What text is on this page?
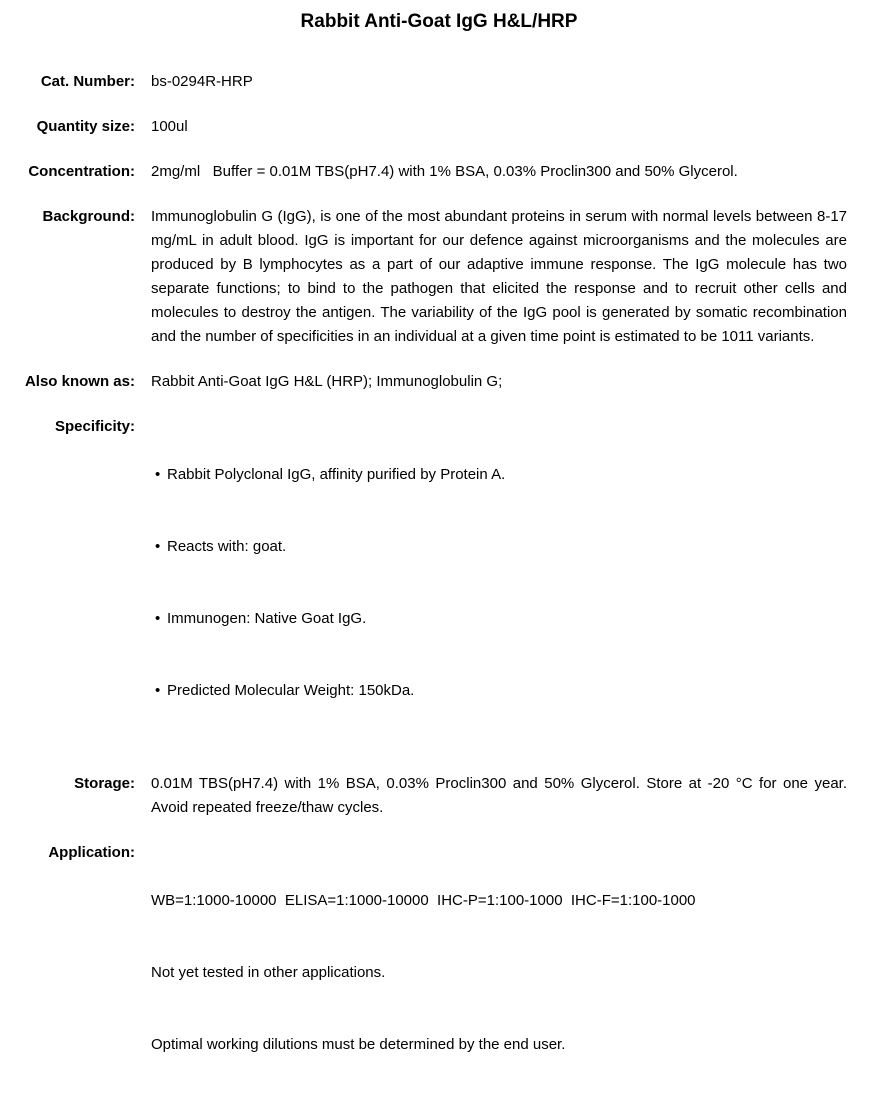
Rabbit Anti-Goat IgG H&L/HRP
Cat. Number: bs-0294R-HRP
Quantity size: 100ul
Concentration: 2mg/ml   Buffer = 0.01M TBS(pH7.4) with 1% BSA, 0.03% Proclin300 and 50% Glycerol.
Background: Immunoglobulin G (IgG), is one of the most abundant proteins in serum with normal levels between 8-17 mg/mL in adult blood. IgG is important for our defence against microorganisms and the molecules are produced by B lymphocytes as a part of our adaptive immune response. The IgG molecule has two separate functions; to bind to the pathogen that elicited the response and to recruit other cells and molecules to destroy the antigen. The variability of the IgG pool is generated by somatic recombination and the number of specificities in an individual at a given time point is estimated to be 1011 variants.
Also known as: Rabbit Anti-Goat IgG H&L (HRP); Immunoglobulin G;
Specificity:

• Rabbit Polyclonal IgG, affinity purified by Protein A.

• Reacts with: goat.

• Immunogen: Native Goat IgG.

• Predicted Molecular Weight: 150kDa.

Storage: 0.01M TBS(pH7.4) with 1% BSA, 0.03% Proclin300 and 50% Glycerol. Store at -20 °C for one year. Avoid repeated freeze/thaw cycles.
Application:

WB=1:1000-10000  ELISA=1:1000-10000  IHC-P=1:100-1000  IHC-F=1:100-1000

Not yet tested in other applications.

Optimal working dilutions must be determined by the end user.
